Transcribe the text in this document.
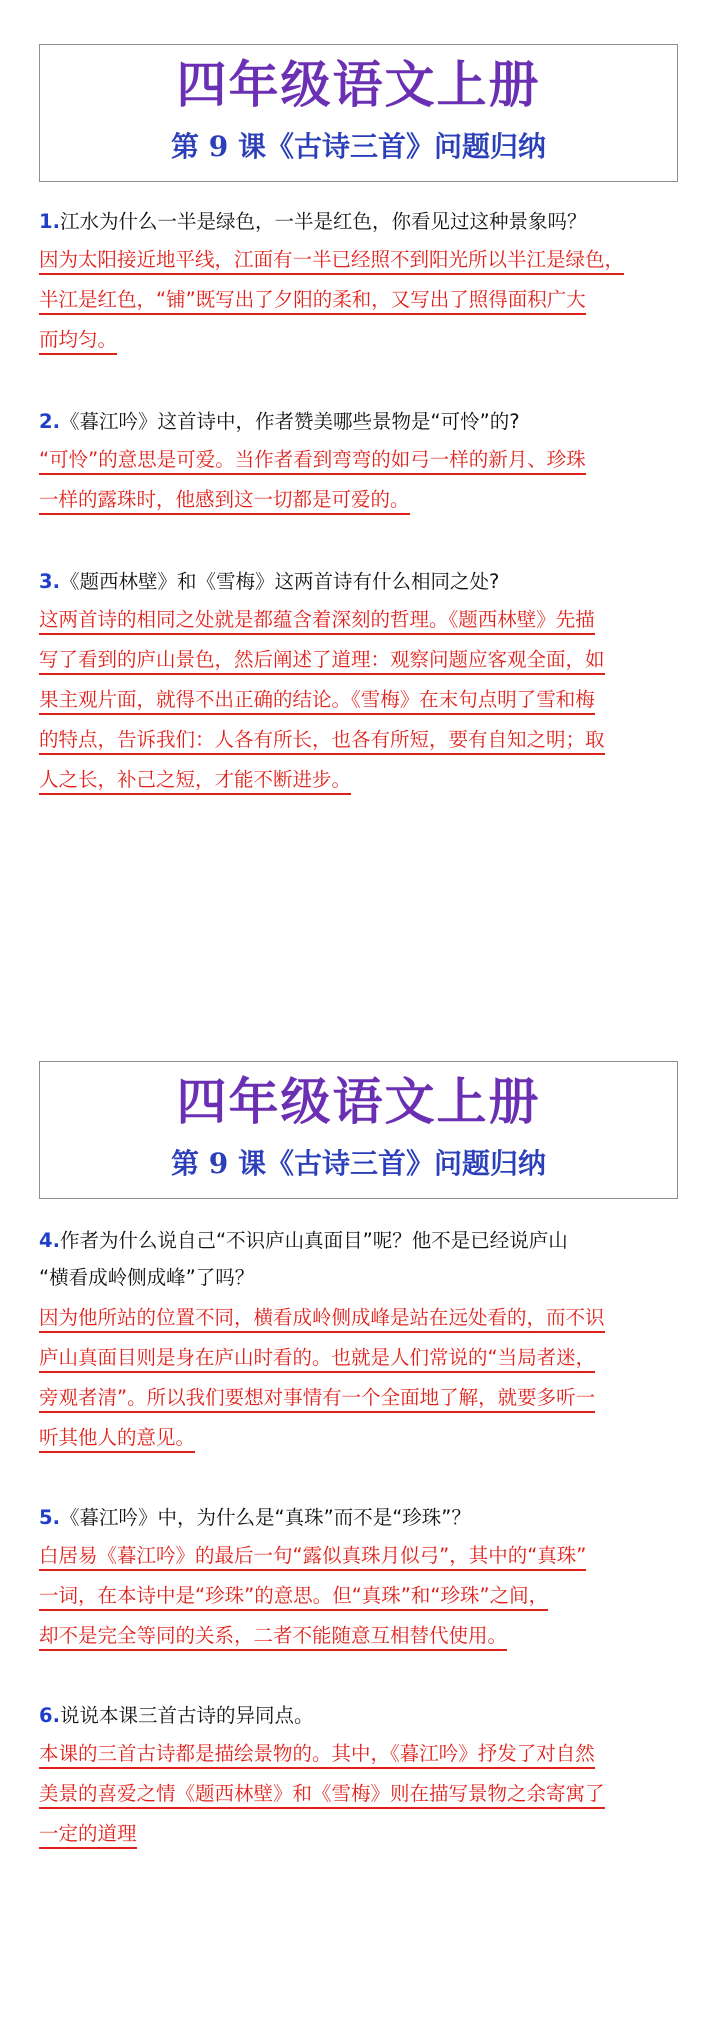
四年级语文上册
第 9 课《古诗三首》问题归纳
1.江水为什么一半是绿色，一半是红色，你看见过这种景象吗？
因为太阳接近地平线，江面有一半已经照不到阳光所以半江是绿色，
半江是红色，“铺”既写出了夕阳的柔和，又写出了照得面积广大
而均匀。
2.《暮江吟》这首诗中，作者赞美哪些景物是“可怜”的?
“可怜”的意思是可爱。当作者看到弯弯的如弓一样的新月、珍珠
一样的露珠时，他感到这一切都是可爱的。
3.《题西林壁》和《雪梅》这两首诗有什么相同之处?
这两首诗的相同之处就是都蕴含着深刻的哲理。《题西林壁》先描
写了看到的庐山景色，然后阐述了道理：观察问题应客观全面，如
果主观片面，就得不出正确的结论。《雪梅》在末句点明了雪和梅
的特点，告诉我们：人各有所长，也各有所短，要有自知之明；取
人之长，补己之短，才能不断进步。
四年级语文上册
第 9 课《古诗三首》问题归纳
4.作者为什么说自己“不识庐山真面目”呢？他不是已经说庐山
“横看成岭侧成峰”了吗？
因为他所站的位置不同，横看成岭侧成峰是站在远处看的，而不识
庐山真面目则是身在庐山时看的。也就是人们常说的“当局者迷，
旁观者清”。所以我们要想对事情有一个全面地了解，就要多听一
听其他人的意见。
5.《暮江吟》中，为什么是“真珠”而不是“珍珠”？
白居易《暮江吟》的最后一句“露似真珠月似弓”，其中的“真珠”
一词，在本诗中是“珍珠”的意思。但“真珠”和“珍珠”之间，
却不是完全等同的关系，二者不能随意互相替代使用。
6.说说本课三首古诗的异同点。
本课的三首古诗都是描绘景物的。其中，《暮江吟》抒发了对自然
美景的喜爱之情《题西林壁》和《雪梅》则在描写景物之余寄寓了
一定的道理
